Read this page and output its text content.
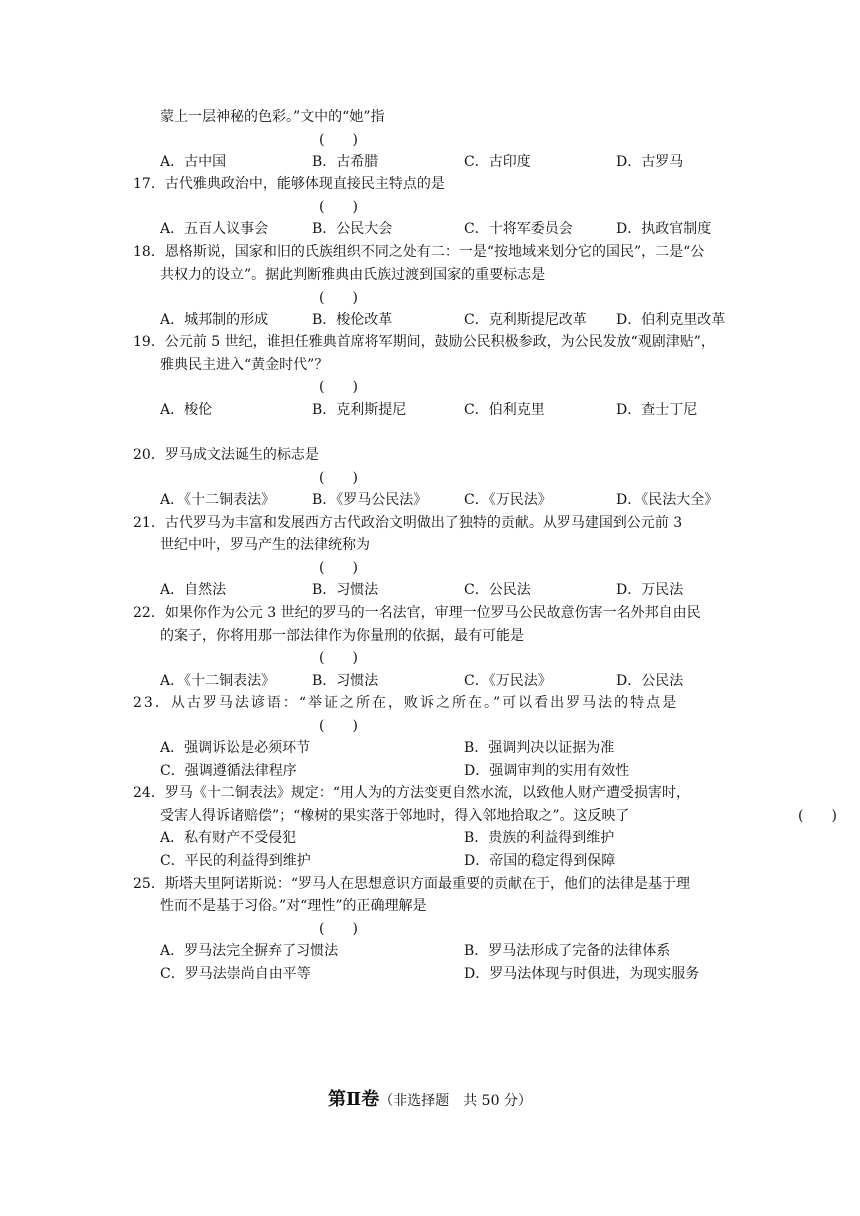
蒙上一层神秘的色彩。”文中的“她”指
(　　)
A．古中国	B．古希腊	C．古印度	D．古罗马
17．古代雅典政治中，能够体现直接民主特点的是
(　　)
A．五百人议事会	B．公民大会	C．十将军委员会	D．执政官制度
18．恩格斯说，国家和旧的氏族组织不同之处有二：一是“按地域来划分它的国民”，二是“公
共权力的设立”。据此判断雅典由氏族过渡到国家的重要标志是
(　　)
A．城邦制的形成	B．梭伦改革	C．克利斯提尼改革 D．伯利克里改革
19．公元前 5 世纪，谁担任雅典首席将军期间，鼓励公民积极参政，为公民发放“观剧津贴”，
雅典民主进入“黄金时代”？
(　　)
A．梭伦	B．克利斯提尼	C．伯利克里	D．查士丁尼
20．罗马成文法诞生的标志是
(　　)
A．《十二铜表法》	B．《罗马公民法》	C．《万民法》	D．《民法大全》
21．古代罗马为丰富和发展西方古代政治文明做出了独特的贡献。从罗马建国到公元前 3
世纪中叶，罗马产生的法律统称为
(　　)
A．自然法	B．习惯法	C．公民法	D．万民法
22．如果你作为公元 3 世纪的罗马的一名法官，审理一位罗马公民故意伤害一名外邦自由民
的案子，你将用那一部法律作为你量刑的依据，最有可能是
(　　)
A．《十二铜表法》	B．习惯法	C．《万民法》	D．公民法
23．从古罗马法谚语：“举证之所在，败诉之所在。”可以看出罗马法的特点是
(　　)
A．强调诉讼是必须环节	B．强调判决以证据为准
C．强调遵循法律程序	D．强调审判的实用有效性
24．罗马《十二铜表法》规定：“用人为的方法变更自然水流，以致他人财产遭受损害时，
受害人得诉诸赔偿”；“橡树的果实落于邻地时，得入邻地拾取之”。这反映了	(　　)
A．私有财产不受侵犯	B．贵族的利益得到维护
C．平民的利益得到维护	D．帝国的稳定得到保障
25．斯塔夫里阿诺斯说：“罗马人在思想意识方面最重要的贡献在于，他们的法律是基于理
性而不是基于习俗。”对“理性”的正确理解是
(　　)
A．罗马法完全摒弃了习惯法	B．罗马法形成了完备的法律体系
C．罗马法崇尚自由平等	D．罗马法体现与时俱进，为现实服务
第Ⅱ卷（非选择题　共 50 分）
